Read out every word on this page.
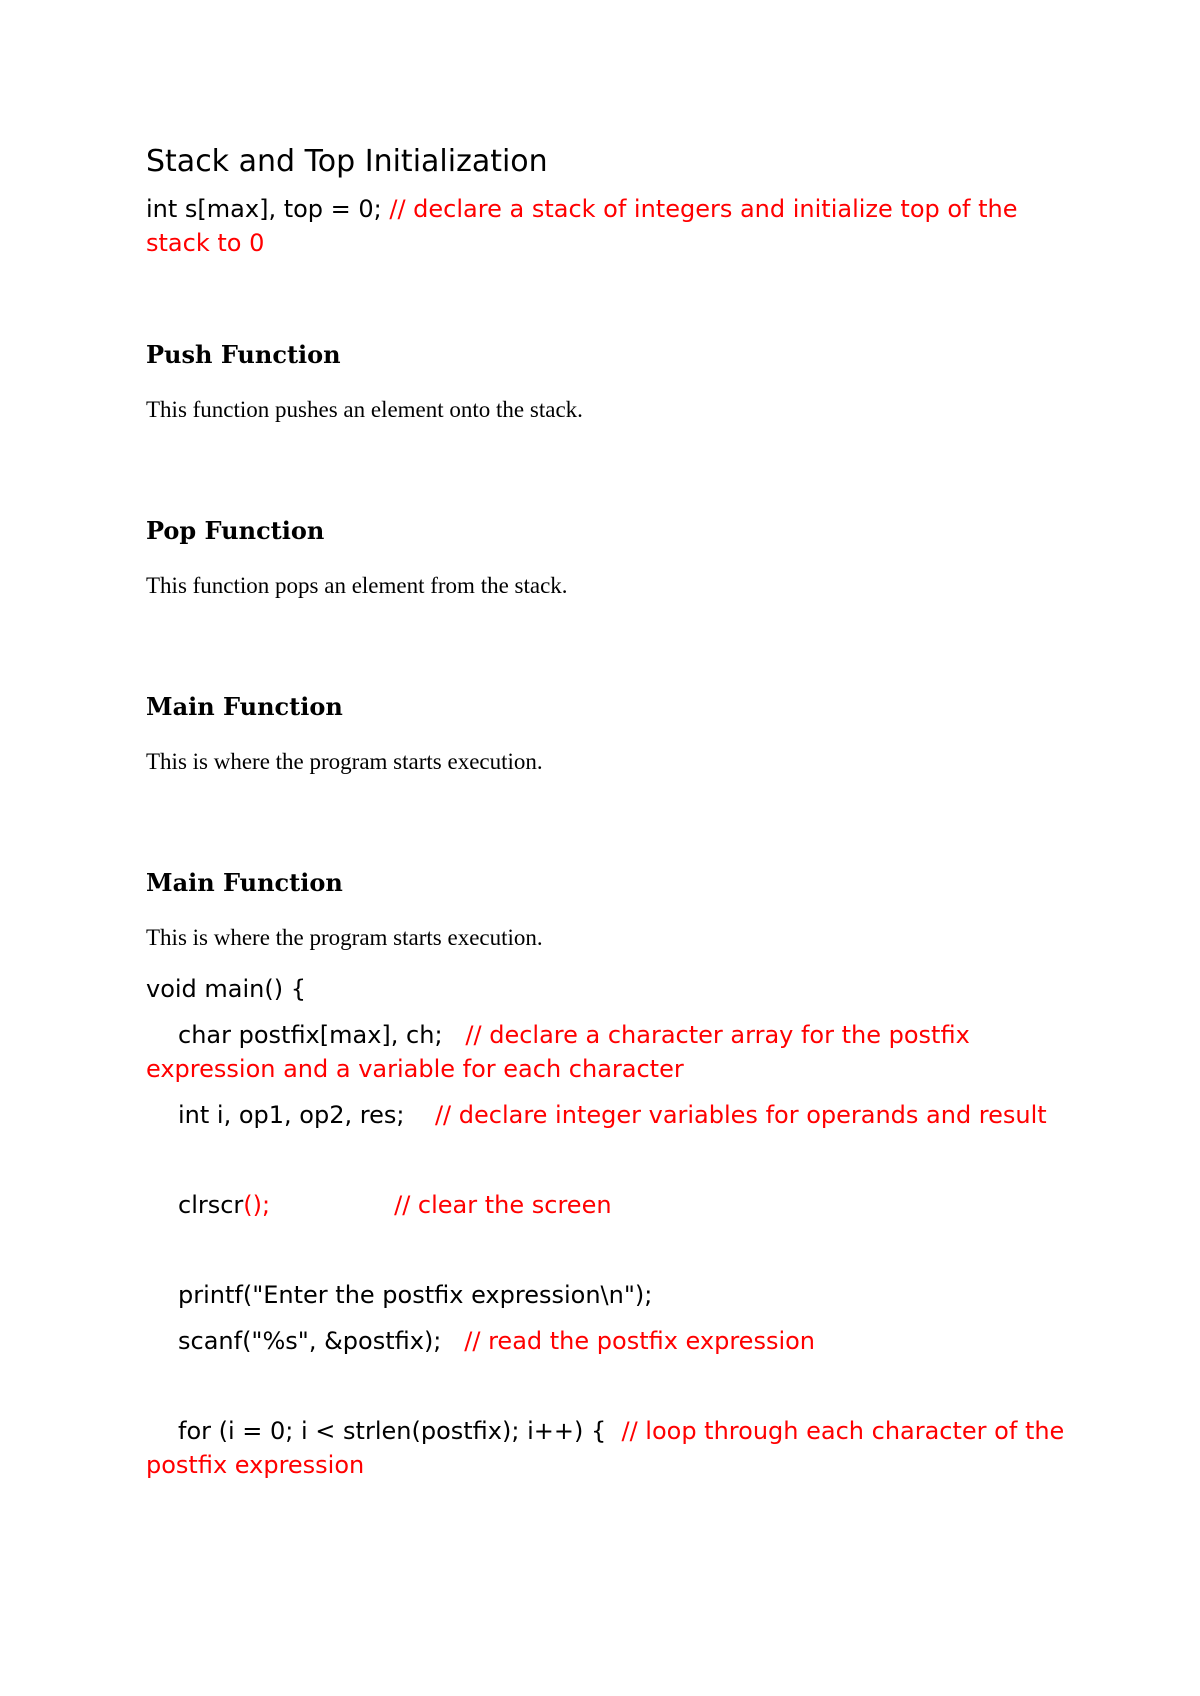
Stack and Top Initialization

int s[max], top = 0; // declare a stack of integers and initialize top of the stack to 0

Push Function

This function pushes an element onto the stack.

Pop Function

This function pops an element from the stack.

Main Function

This is where the program starts execution.

Main Function

This is where the program starts execution.

void main() {

char postfix[max], ch;   // declare a character array for the postfix expression and a variable for each character

int i, op1, op2, res;    // declare integer variables for operands and result

clrscr();	// clear the screen

printf("Enter the postfix expression\n");

scanf("%s", &postfix);   // read the postfix expression

for (i = 0; i < strlen(postfix); i++) {  // loop through each character of the postfix expression
